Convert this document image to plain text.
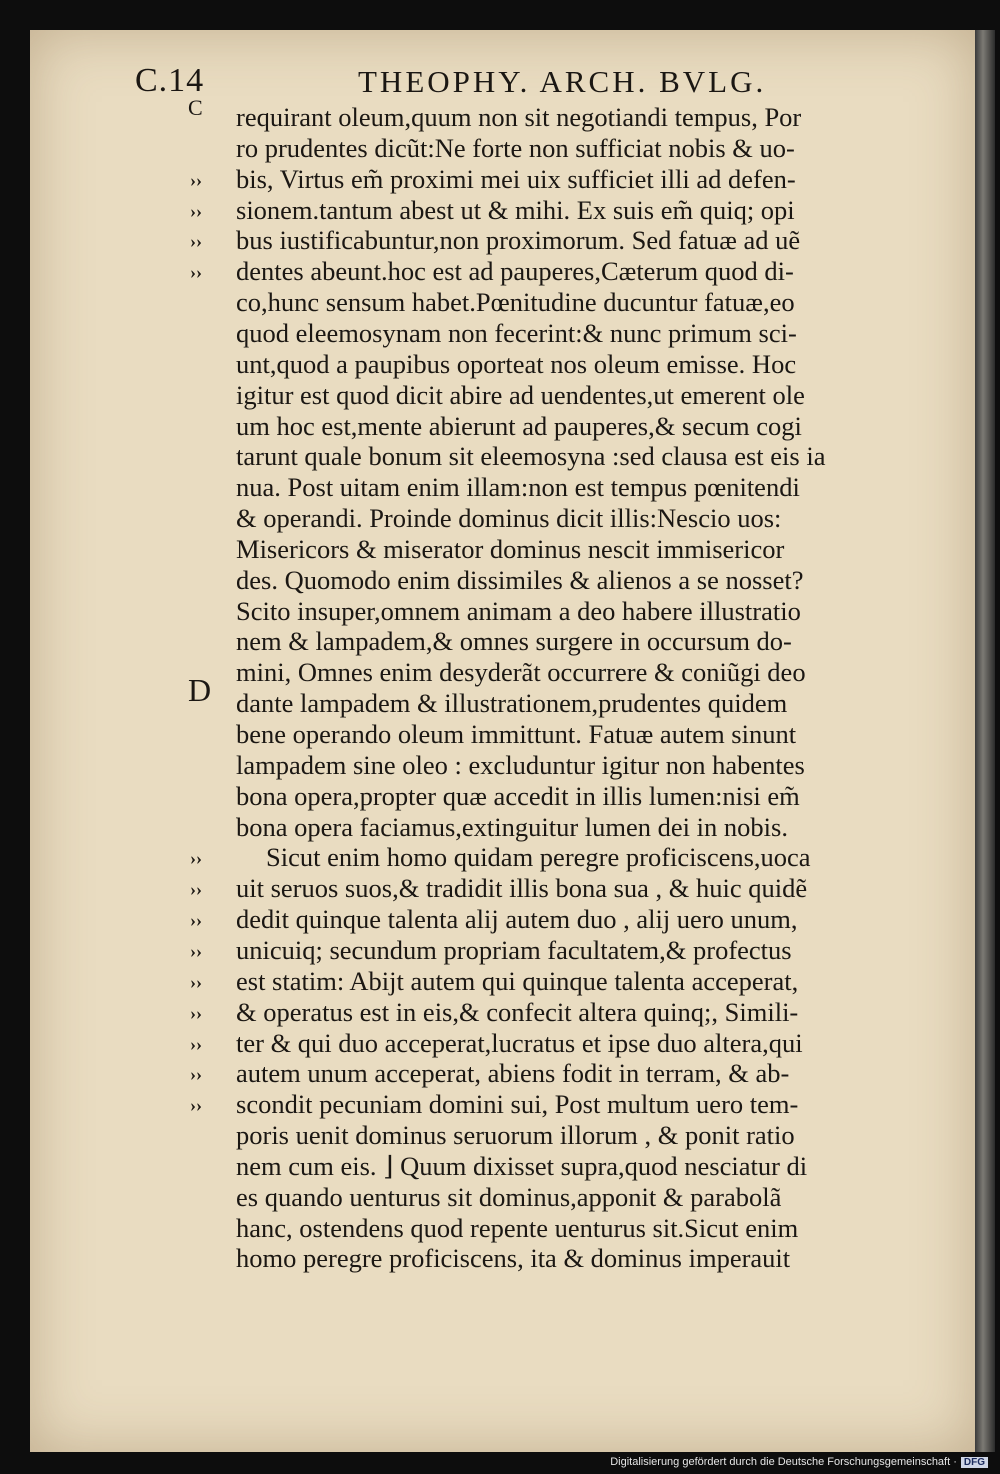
C.14	THEOPHY. ARCH. BVLG.
C
D
requirant oleum,quum non sit negotiandi tempus, Por
ro prudentes dicũt:Ne forte non sufficiat nobis & uo-
bis, Virtus em̃ proximi mei uix sufficiet illi ad defen-
sionem.tantum abest ut & mihi. Ex suis em̃ quiq; opi
bus iustificabuntur,non proximorum. Sed fatuæ ad uẽ
dentes abeunt.hoc est ad pauperes,Cæterum quod di-
co,hunc sensum habet.Pœnitudine ducuntur fatuæ,eo
quod eleemosynam non fecerint:& nunc primum sci-
unt,quod a paupibus oporteat nos oleum emisse. Hoc
igitur est quod dicit abire ad uendentes,ut emerent ole
um hoc est,mente abierunt ad pauperes,& secum cogi
tarunt quale bonum sit eleemosyna :sed clausa est eis ia
nua. Post uitam enim illam:non est tempus pœnitendi
& operandi. Proinde dominus dicit illis:Nescio uos:
Misericors & miserator dominus nescit immisericor
des. Quomodo enim dissimiles & alienos a se nosset?
Scito insuper,omnem animam a deo habere illustratio
nem & lampadem,& omnes surgere in occursum do-
mini, Omnes enim desyderãt occurrere & coniũgi deo
dante lampadem & illustrationem,prudentes quidem
bene operando oleum immittunt. Fatuæ autem sinunt
lampadem sine oleo : excluduntur igitur non habentes
bona opera,propter quæ accedit in illis lumen:nisi em̃
bona opera faciamus,extinguitur lumen dei in nobis.
Sicut enim homo quidam peregre proficiscens,uoca
uit seruos suos,& tradidit illis bona sua , & huic quidẽ
dedit quinque talenta alij autem duo , alij uero unum,
unicuiq; secundum propriam facultatem,& profectus
est statim: Abijt autem qui quinque talenta acceperat,
& operatus est in eis,& confecit altera quinq;, Simili-
ter & qui duo acceperat,lucratus et ipse duo altera,qui
autem unum acceperat, abiens fodit in terram, & ab-
scondit pecuniam domini sui, Post multum uero tem-
poris uenit dominus seruorum illorum , & ponit ratio
nem cum eis. ⌋ Quum dixisset supra,quod nesciatur di
es quando uenturus sit dominus,apponit & parabolã
hanc, ostendens quod repente uenturus sit.Sicut enim
homo peregre proficiscens, ita & dominus imperauit
››
››
››
››
››
››
››
››
››
››
››
››
››
Digitalisierung gefördert durch die Deutsche Forschungsgemeinschaft · DFG
